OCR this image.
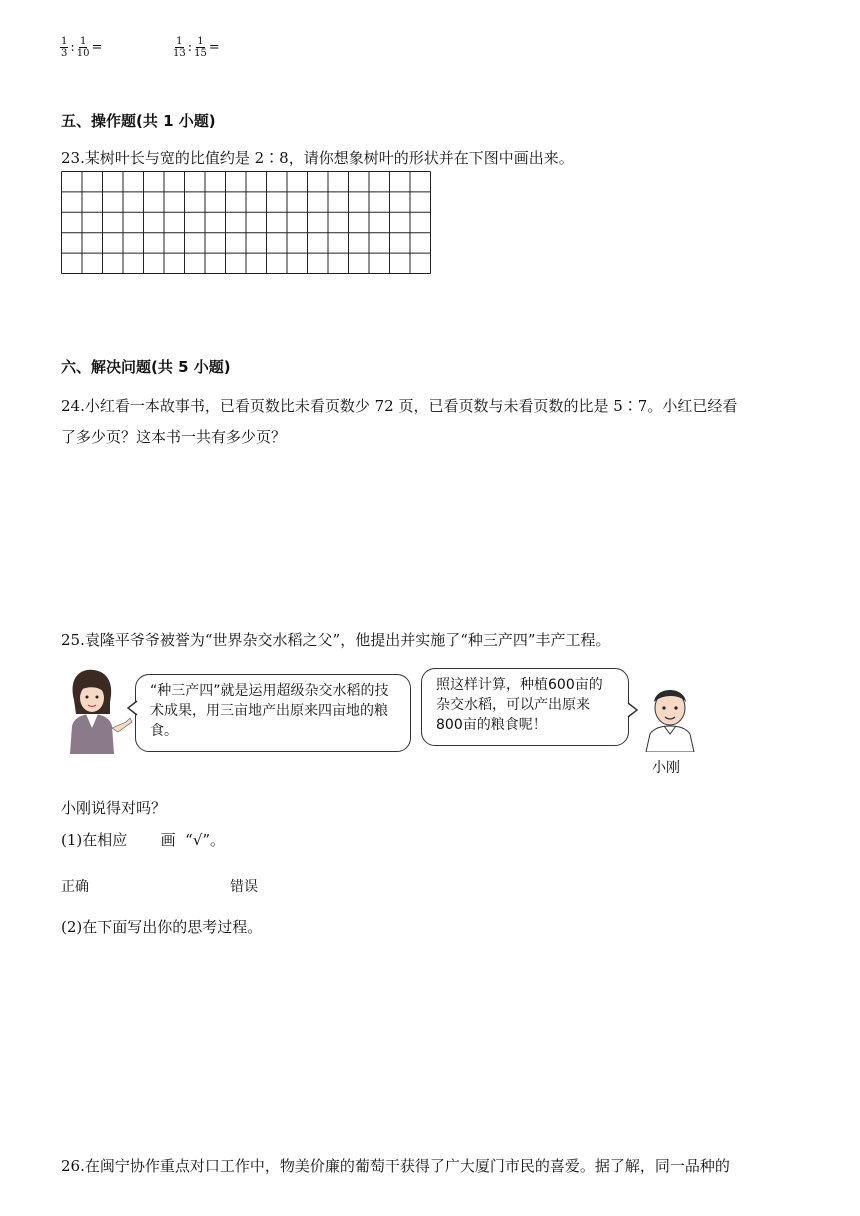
$\frac{1}{3}$ : $\frac{1}{10}$ =	$\frac{1}{13}$ : $\frac{1}{15}$ =
五、操作题(共 1 小题)
23.某树叶长与宽的比值约是 2∶8，请你想象树叶的形状并在下图中画出来。
六、解决问题(共 5 小题)
24.小红看一本故事书，已看页数比未看页数少 72 页，已看页数与未看页数的比是 5∶7。小红已经看
了多少页？这本书一共有多少页？
25.袁隆平爷爷被誉为“世界杂交水稻之父”，他提出并实施了“种三产四”丰产工程。
“种三产四”就是运用超级杂交水稻的技术成果，用三亩地产出原来四亩地的粮食。
照这样计算，种植600亩的杂交水稻，可以产出原来800亩的粮食呢！
小刚
小刚说得对吗？
(1)在相应       画  “√”。
正确	错误
(2)在下面写出你的思考过程。
26.在闽宁协作重点对口工作中，物美价廉的葡萄干获得了广大厦门市民的喜爱。据了解，同一品种的
